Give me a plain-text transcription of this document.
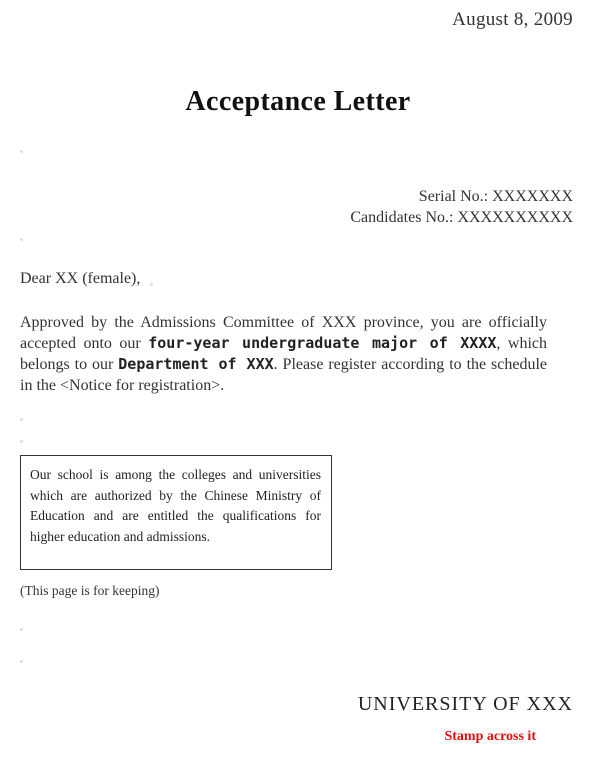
August 8, 2009
Acceptance Letter
Serial No.: XXXXXXX
Candidates No.: XXXXXXXXXX
Dear XX (female),
Approved by the Admissions Committee of XXX province, you are officially accepted onto our four-year undergraduate major of XXXX, which belongs to our Department of XXX. Please register according to the schedule in the <Notice for registration>.
Our school is among the colleges and universities which are authorized by the Chinese Ministry of Education and are entitled the qualifications for higher education and admissions.
(This page is for keeping)
UNIVERSITY OF XXX
Stamp across it
